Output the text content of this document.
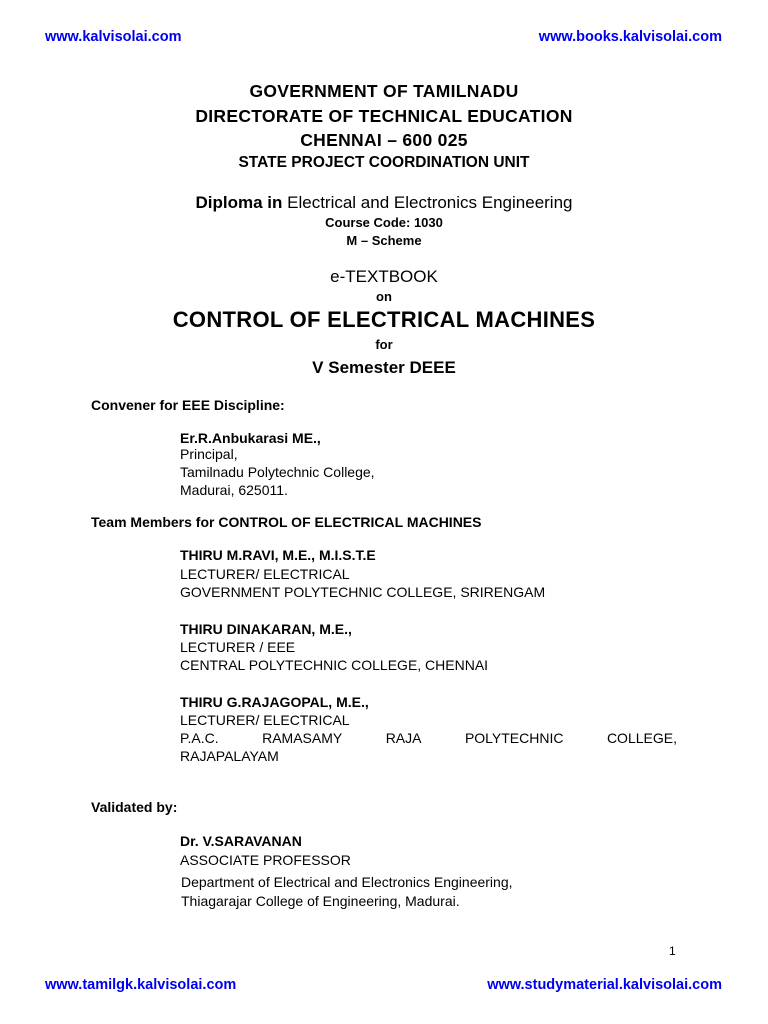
www.kalvisolai.com	www.books.kalvisolai.com
GOVERNMENT OF TAMILNADU
DIRECTORATE OF TECHNICAL EDUCATION
CHENNAI – 600 025
STATE PROJECT COORDINATION UNIT
Diploma in Electrical and Electronics Engineering
Course Code: 1030
M – Scheme
e-TEXTBOOK
on
CONTROL OF ELECTRICAL MACHINES
for
V Semester DEEE
Convener for EEE Discipline:
Er.R.Anbukarasi ME.,
Principal,
Tamilnadu Polytechnic College,
Madurai, 625011.
Team Members for CONTROL OF ELECTRICAL MACHINES
THIRU M.RAVI, M.E., M.I.S.T.E
LECTURER/ ELECTRICAL
GOVERNMENT POLYTECHNIC COLLEGE, SRIRENGAM
THIRU DINAKARAN, M.E.,
LECTURER / EEE
CENTRAL POLYTECHNIC COLLEGE, CHENNAI
THIRU G.RAJAGOPAL, M.E.,
LECTURER/ ELECTRICAL
P.A.C.	RAMASAMY	RAJA	POLYTECHNIC	COLLEGE,
RAJAPALAYAM
Validated by:
Dr. V.SARAVANAN
ASSOCIATE PROFESSOR
Department of Electrical and Electronics Engineering,
Thiagarajar College of Engineering, Madurai.
1
www.tamilgk.kalvisolai.com	www.studymaterial.kalvisolai.com
